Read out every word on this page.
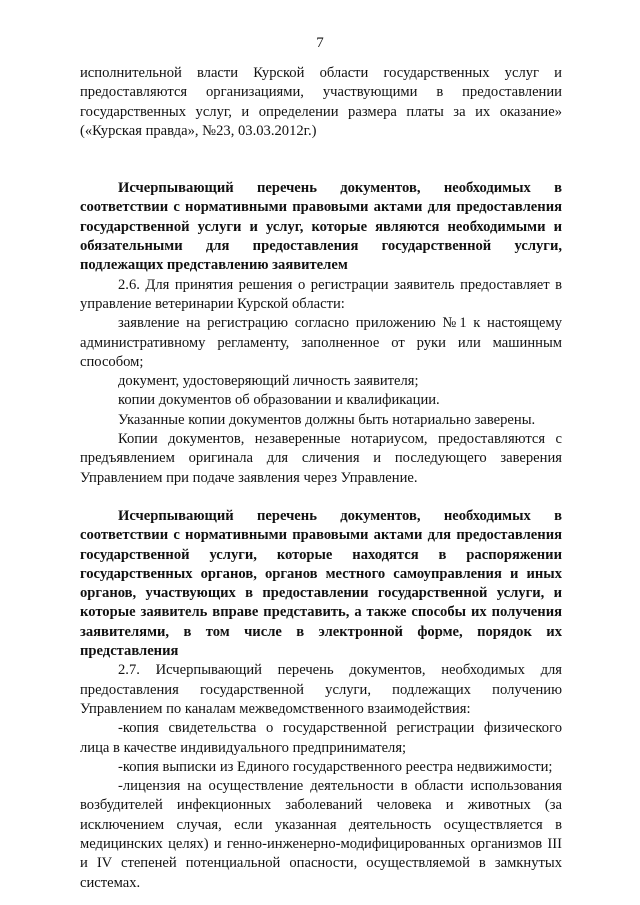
7

исполнительной власти Курской области государственных услуг и предоставляются организациями, участвующими в предоставлении государственных услуг, и определении размера платы за их оказание» («Курская правда», №23, 03.03.2012г.)

Исчерпывающий перечень документов, необходимых в соответствии с нормативными правовыми актами для предоставления государственной услуги и услуг, которые являются необходимыми и обязательными для предоставления государственной услуги, подлежащих представлению заявителем

2.6. Для принятия решения о регистрации заявитель предоставляет в управление ветеринарии Курской области:

заявление на регистрацию согласно приложению №1 к настоящему административному регламенту, заполненное от руки или машинным способом;

документ, удостоверяющий личность заявителя;

копии документов об образовании и квалификации.

Указанные копии документов должны быть нотариально заверены.

Копии документов, незаверенные нотариусом, предоставляются с предъявлением оригинала для сличения и последующего заверения Управлением при подаче заявления через Управление.

Исчерпывающий перечень документов, необходимых в соответствии с нормативными правовыми актами для предоставления государственной услуги, которые находятся в распоряжении государственных органов, органов местного самоуправления и иных органов, участвующих в предоставлении государственной услуги, и которые заявитель вправе представить, а также способы их получения заявителями, в том числе в электронной форме, порядок их представления

2.7. Исчерпывающий перечень документов, необходимых для предоставления государственной услуги, подлежащих получению Управлением по каналам межведомственного взаимодействия:

-копия свидетельства о государственной регистрации физического лица в качестве индивидуального предпринимателя;

-копия выписки из Единого государственного реестра недвижимости;

-лицензия на осуществление деятельности в области использования возбудителей инфекционных заболеваний человека и животных (за исключением случая, если указанная деятельность осуществляется в медицинских целях) и генно-инженерно-модифицированных организмов III и IV степеней потенциальной опасности, осуществляемой в замкнутых системах.
